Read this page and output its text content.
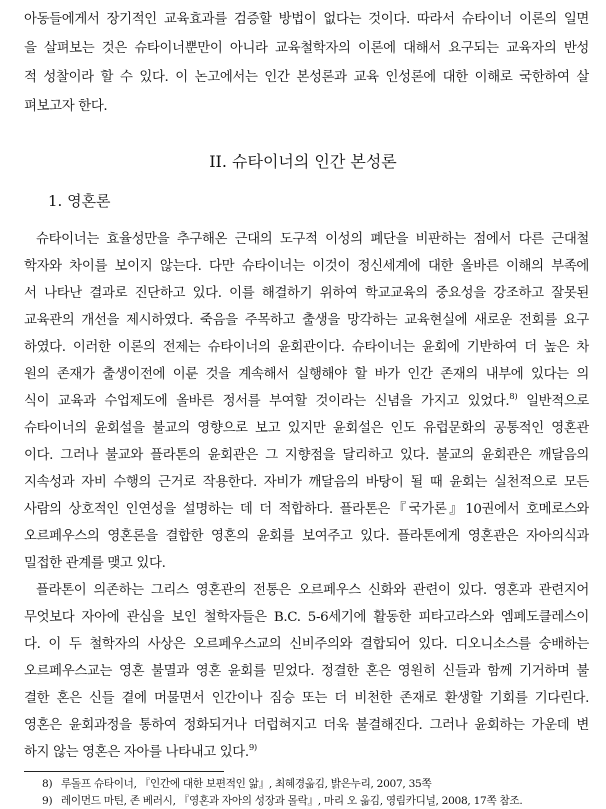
아동들에게서 장기적인 교육효과를 검증할 방법이 없다는 것이다. 따라서 슈타이너 이론의 일면
을 살펴보는 것은 슈타이너뿐만이 아니라 교육철학자의 이론에 대해서 요구되는 교육자의 반성
적 성찰이라 할 수 있다. 이 논고에서는 인간 본성론과 교육 인성론에 대한 이해로 국한하여 살
펴보고자 한다.
II. 슈타이너의 인간 본성론
1. 영혼론
슈타이너는 효율성만을 추구해온 근대의 도구적 이성의 폐단을 비판하는 점에서 다른 근대철
학자와 차이를 보이지 않는다. 다만 슈타이너는 이것이 정신세계에 대한 올바른 이해의 부족에
서 나타난 결과로 진단하고 있다. 이를 해결하기 위하여 학교교육의 중요성을 강조하고 잘못된
교육관의 개선을 제시하였다. 죽음을 주목하고 출생을 망각하는 교육현실에 새로운 전회를 요구
하였다. 이러한 이론의 전제는 슈타이너의 윤회관이다. 슈타이너는 윤회에 기반하여 더 높은 차
원의 존재가 출생이전에 이룬 것을 계속해서 실행해야 할 바가 인간 존재의 내부에 있다는 의
식이 교육과 수업제도에 올바른 정서를 부여할 것이라는 신념을 가지고 있었다.$^{8)}$ 일반적으로
슈타이너의 윤회설을 불교의 영향으로 보고 있지만 윤회설은 인도 유럽문화의 공통적인 영혼관
이다. 그러나 불교와 플라톤의 윤회관은 그 지향점을 달리하고 있다. 불교의 윤회관은 깨달음의
지속성과 자비 수행의 근거로 작용한다. 자비가 깨달음의 바탕이 될 때 윤회는 실천적으로 모든
사람의 상호적인 인연성을 설명하는 데 더 적합하다. 플라톤은『국가론』10권에서 호메로스와
오르페우스의 영혼론을 결합한 영혼의 윤회를 보여주고 있다. 플라톤에게 영혼관은 자아의식과
밀접한 관계를 맺고 있다.
플라톤이 의존하는 그리스 영혼관의 전통은 오르페우스 신화와 관련이 있다. 영혼과 관련지어
무엇보다 자아에 관심을 보인 철학자들은 B.C. 5-6세기에 활동한 피타고라스와 엠페도클레스이
다. 이 두 철학자의 사상은 오르페우스교의 신비주의와 결합되어 있다. 디오니소스를 숭배하는
오르페우스교는 영혼 불멸과 영혼 윤회를 믿었다. 정결한 혼은 영원히 신들과 함께 기거하며 불
결한 혼은 신들 곁에 머물면서 인간이나 짐승 또는 더 비천한 존재로 환생할 기회를 기다린다.
영혼은 윤회과정을 통하여 정화되거나 더럽혀지고 더욱 불결해진다. 그러나 윤회하는 가운데 변
하지 않는 영혼은 자아를 나타내고 있다.$^{9)}$
8) 루돌프 슈타이너, 『인간에 대한 보편적인 앎』, 최혜경옮김, 밝은누리, 2007, 35쪽
9) 레이먼드 마틴, 존 베러시, 『영혼과 자아의 성장과 몰락』, 마리 오 옮김, 영림카디널, 2008, 17쪽 참조.
